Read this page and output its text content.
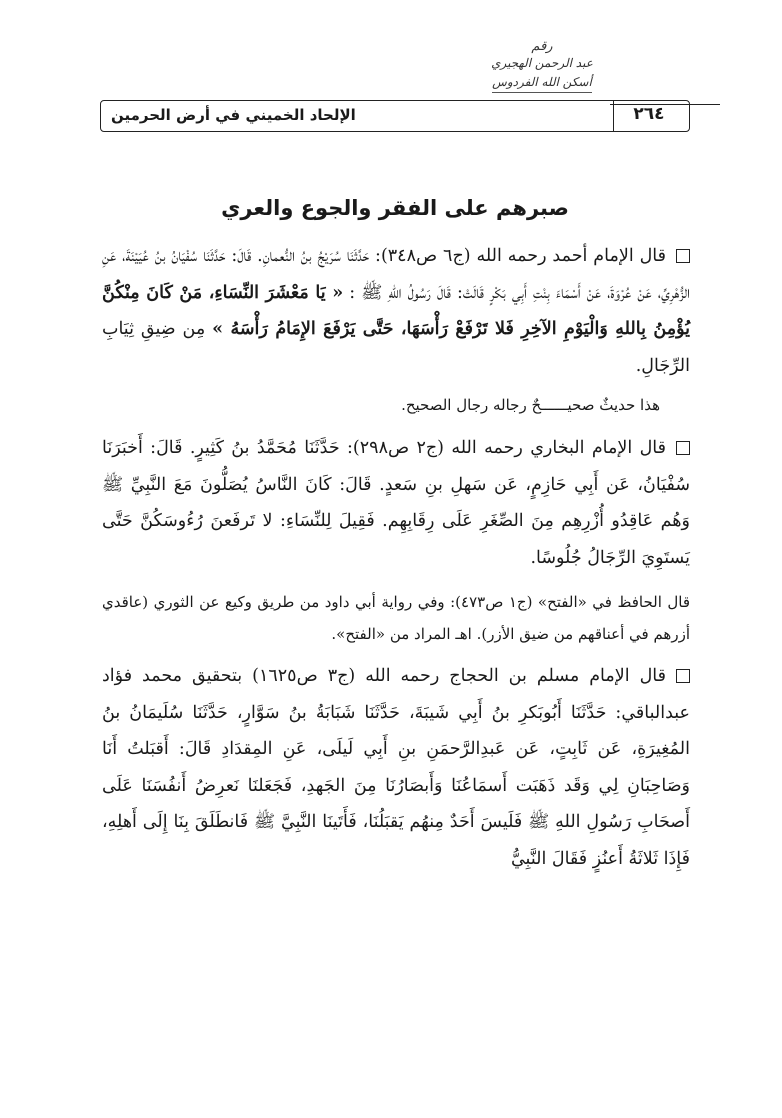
رقم
عبد الرحمن الهجيري
أسكن الله الفردوس
الإلحاد الخميني في أرض الحرمين	٢٦٤
صبرهم على الفقر والجوع والعري

قال الإمام أحمد رحمه الله (ج٦ ص٣٤٨): حَدَّثَنَا سُرَيْجُ بنُ النُّعمانِ. قَالَ: حَدَّثَنَا سُفْيَانُ بنُ عُيَيْنَةَ، عَنِ الزُّهْرِيِّ، عَنْ عُرْوَةَ، عَنْ أَسْمَاءَ بِنْتِ أَبِي بَكْرٍ قَالَتْ: قَالَ رَسُولُ اللهِ ﷺ : « يَا مَعْشَرَ النِّسَاءِ، مَنْ كَانَ مِنْكُنَّ يُؤْمِنُ بِاللهِ وَالْيَوْمِ الآخِرِ فَلا تَرْفَعْ رَأْسَهَا، حَتَّى يَرْفَعَ الإِمَامُ رَأْسَهُ » مِن ضِيقِ ثِيَابِ الرِّجَالِ.

هذا حديثٌ صحيــــــحٌ رجاله رجال الصحيح.

قال الإمام البخاري رحمه الله (ج٢ ص٢٩٨): حَدَّثَنَا مُحَمَّدُ بنُ كَثِيرٍ. قَالَ: أَخبَرَنَا سُفْيَانُ، عَن أَبِي حَازِمٍ، عَن سَهلِ بنِ سَعدٍ. قَالَ: كَانَ النَّاسُ يُصَلُّونَ مَعَ النَّبِيِّ ﷺ وَهُم عَاقِدُو أُزْرِهِم مِنَ الصِّغَرِ عَلَى رِقَابِهِم. فَقِيلَ لِلنِّسَاءِ: لا تَرفَعنَ رُءُوسَكُنَّ حَتَّى يَستَوِيَ الرِّجَالُ جُلُوسًا.

قال الحافظ في «الفتح» (ج١ ص٤٧٣): وفي رواية أبي داود من طريق وكيع عن الثوري (عاقدي أزرهم في أعناقهم من ضيق الأزر). اهـ المراد من «الفتح».

قال الإمام مسلم بن الحجاج رحمه الله (ج٣ ص١٦٢٥) بتحقيق محمد فؤاد عبدالباقي: حَدَّثَنَا أَبُوبَكرِ بنُ أَبِي شَيبَةَ، حَدَّثَنَا شَبَابَةُ بنُ سَوَّارٍ، حَدَّثَنَا سُلَيمَانُ بنُ المُغِيرَةِ، عَن ثَابِتٍ، عَن عَبدِالرَّحمَنِ بنِ أَبِي لَيلَى، عَنِ المِقدَادِ قَالَ: أَقبَلتُ أَنَا وَصَاحِبَانِ لِي وَقَد ذَهَبَت أَسمَاعُنَا وَأَبصَارُنَا مِنَ الجَهدِ، فَجَعَلنَا نَعرِضُ أَنفُسَنَا عَلَى أَصحَابِ رَسُولِ اللهِ ﷺ فَلَيسَ أَحَدٌ مِنهُم يَقبَلُنَا، فَأَتَينَا النَّبِيَّ ﷺ فَانطَلَقَ بِنَا إِلَى أَهلِهِ، فَإِذَا ثَلاثَةُ أَعنُزٍ فَقَالَ النَّبِيُّ
